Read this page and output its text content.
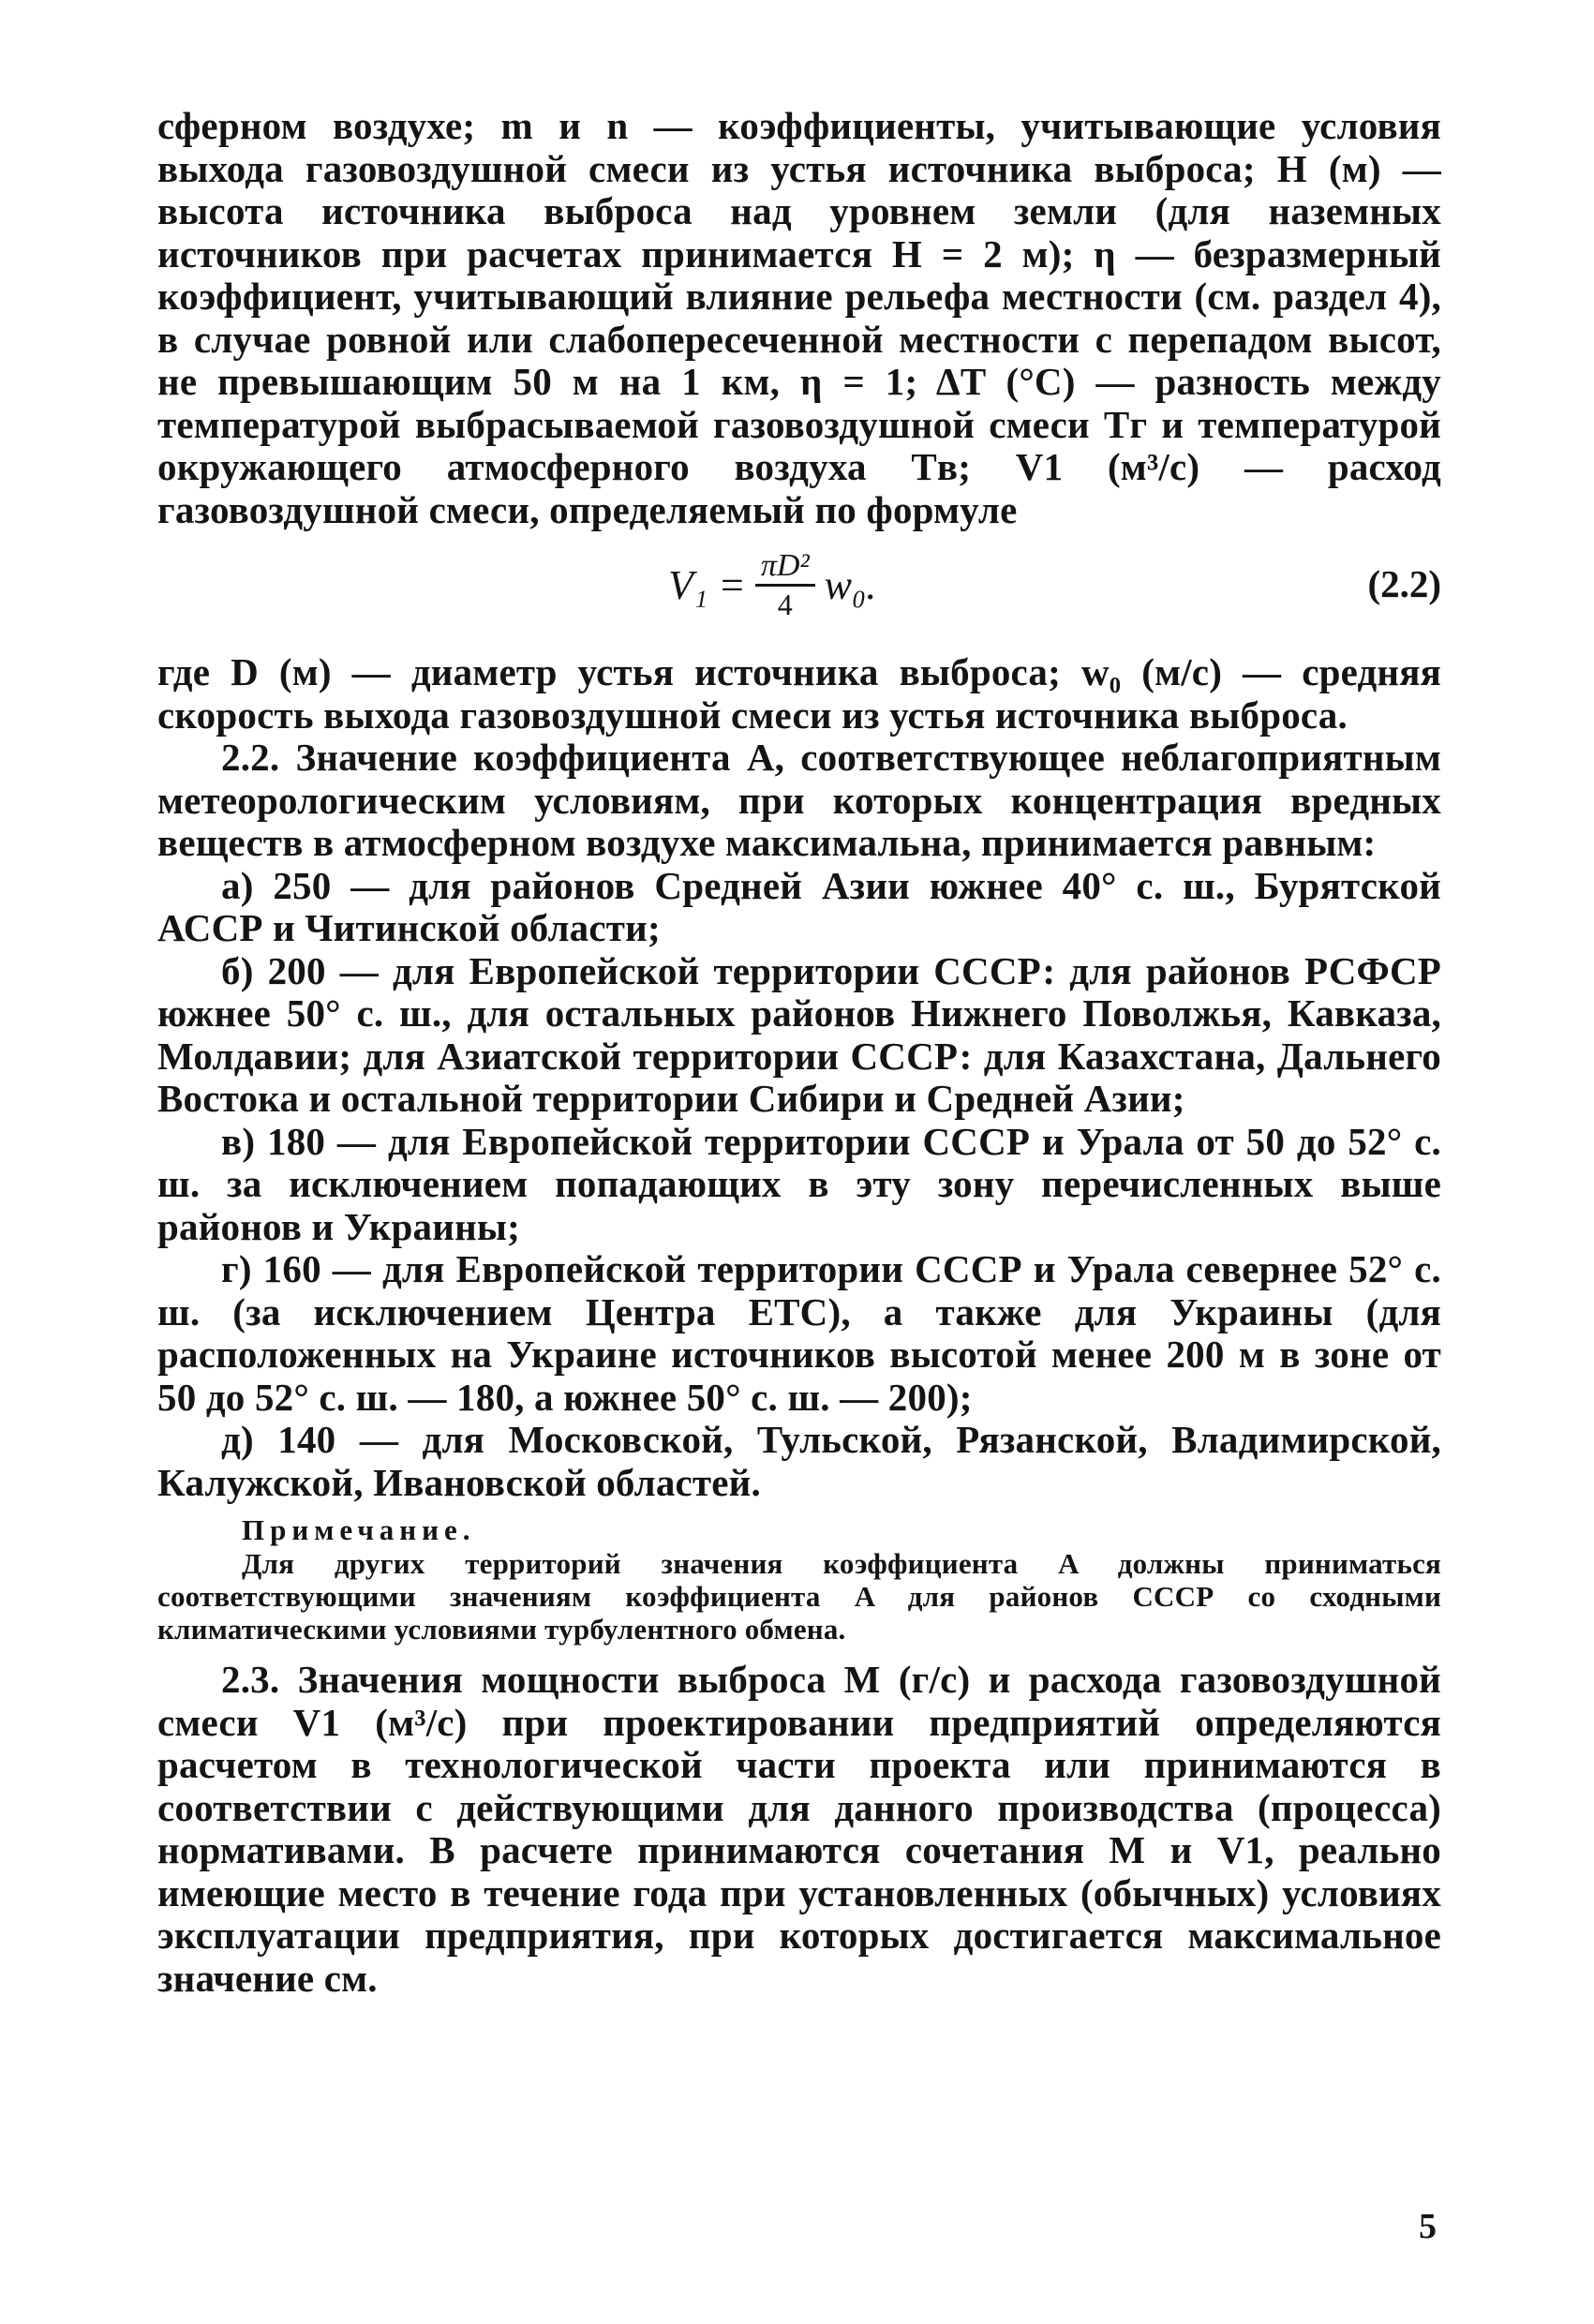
сферном воздухе; m и n — коэффициенты, учитывающие условия выхода газовоздушной смеси из устья источника выброса; H (м) — высота источника выброса над уровнем земли (для наземных источников при расчетах принимается H = 2 м); η — безразмерный коэффициент, учитывающий влияние рельефа местности (см. раздел 4), в случае ровной или слабопересеченной местности с перепадом высот, не превышающим 50 м на 1 км, η = 1; ΔT (°C) — разность между температурой выбрасываемой газовоздушной смеси Tг и температурой окружающего атмосферного воздуха Tв; V1 (м³/с) — расход газовоздушной смеси, определяемый по формуле

$V_1 = \frac{\text{πD²}}{4} w_0$.	(2.2)

где D (м) — диаметр устья источника выброса; w₀ (м/с) — средняя скорость выхода газовоздушной смеси из устья источника выброса.

2.2. Значение коэффициента A, соответствующее неблагоприятным метеорологическим условиям, при которых концентрация вредных веществ в атмосферном воздухе максимальна, принимается равным:

а) 250 — для районов Средней Азии южнее 40° с. ш., Бурятской АССР и Читинской области;

б) 200 — для Европейской территории СССР: для районов РСФСР южнее 50° с. ш., для остальных районов Нижнего Поволжья, Кавказа, Молдавии; для Азиатской территории СССР: для Казахстана, Дальнего Востока и остальной территории Сибири и Средней Азии;

в) 180 — для Европейской территории СССР и Урала от 50 до 52° с. ш. за исключением попадающих в эту зону перечисленных выше районов и Украины;

г) 160 — для Европейской территории СССР и Урала севернее 52° с. ш. (за исключением Центра ЕТС), а также для Украины (для расположенных на Украине источников высотой менее 200 м в зоне от 50 до 52° с. ш. — 180, а южнее 50° с. ш. — 200);

д) 140 — для Московской, Тульской, Рязанской, Владимирской, Калужской, Ивановской областей.

Примечание.

Для других территорий значения коэффициента A должны приниматься соответствующими значениям коэффициента A для районов СССР со сходными климатическими условиями турбулентного обмена.

2.3. Значения мощности выброса M (г/с) и расхода газовоздушной смеси V1 (м³/с) при проектировании предприятий определяются расчетом в технологической части проекта или принимаются в соответствии с действующими для данного производства (процесса) нормативами. В расчете принимаются сочетания M и V1, реально имеющие место в течение года при установленных (обычных) условиях эксплуатации предприятия, при которых достигается максимальное значение cм.

5
